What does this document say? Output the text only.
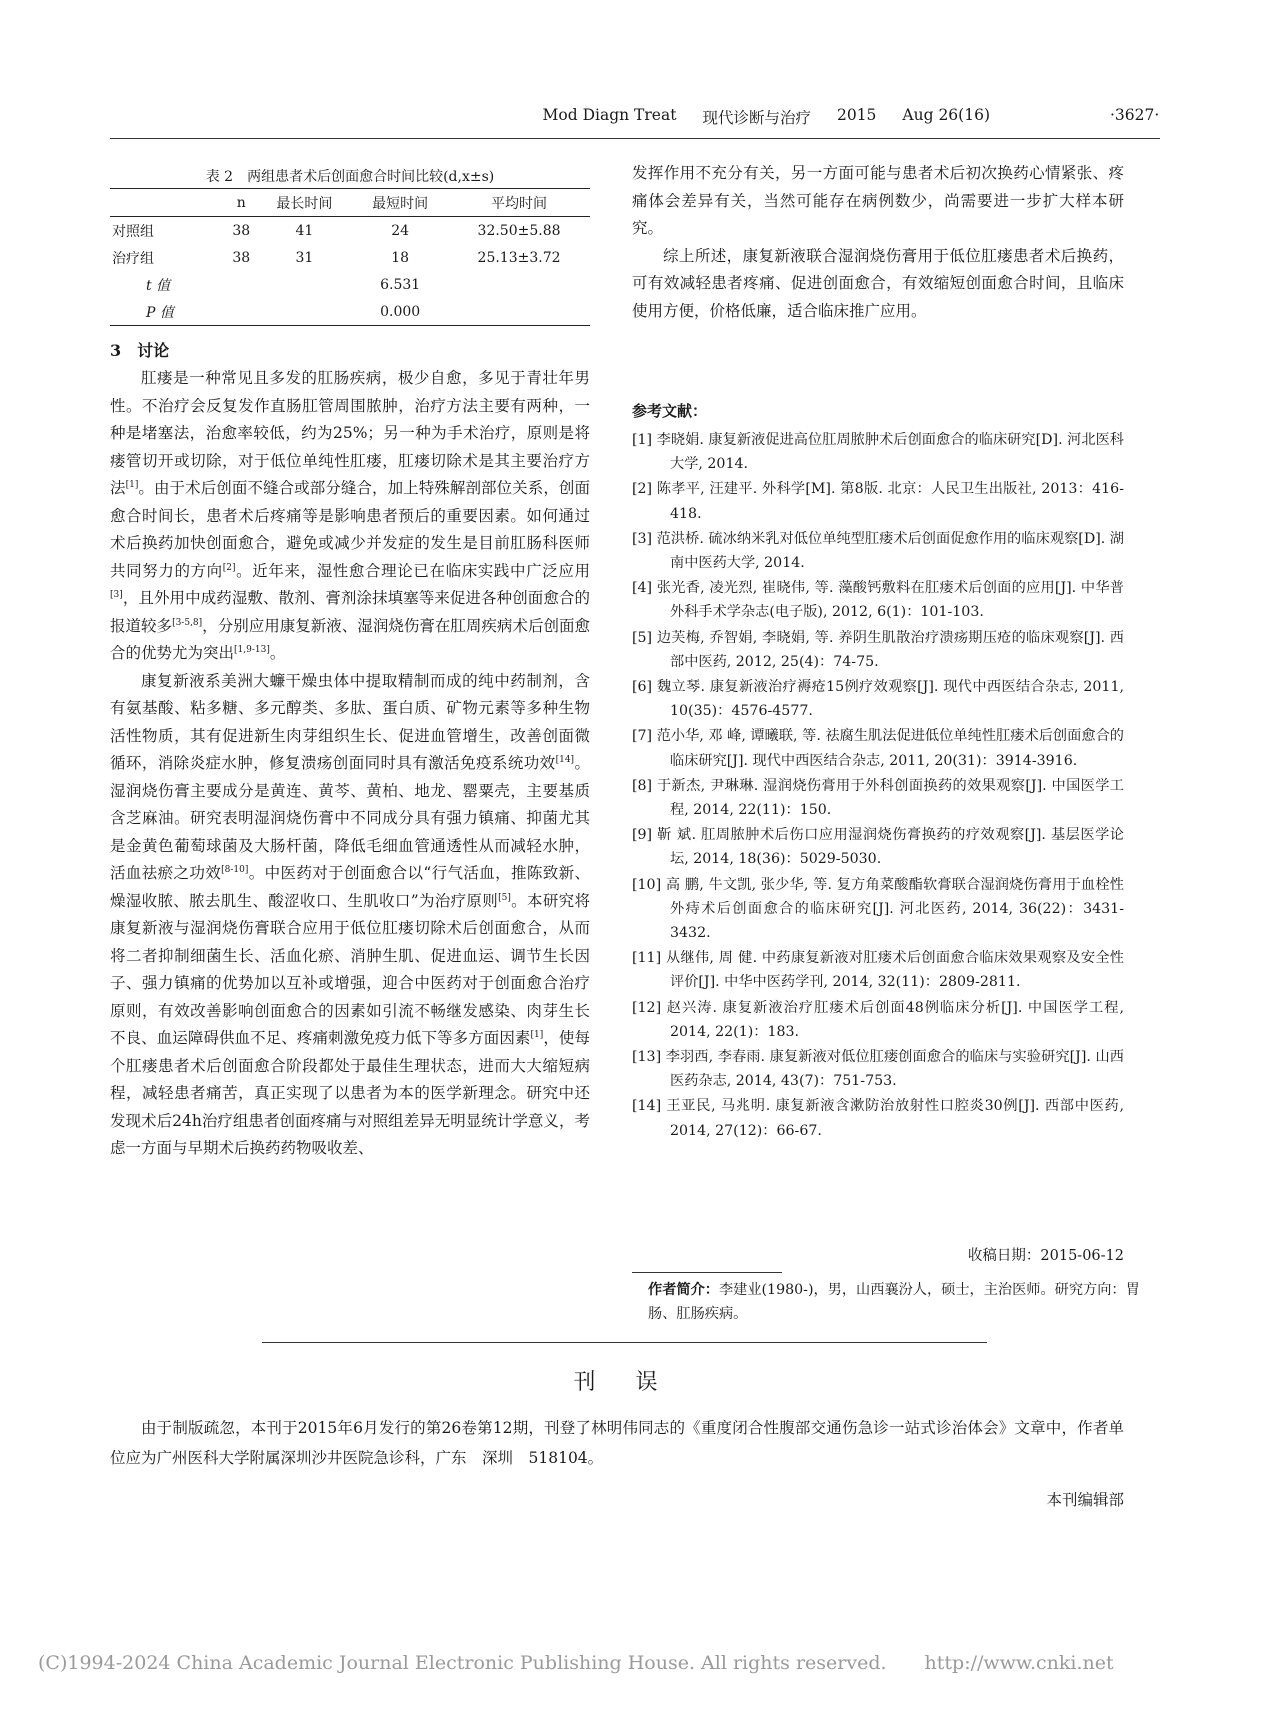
Mod Diagn Treat 现代诊断与治疗 2015 Aug 26(16)	·3627·
表 2　两组患者术后创面愈合时间比较(d,x±s)
	n	最长时间	最短时间	平均时间
对照组	38	41	24	32.50±5.88
治疗组	38	31	18	25.13±3.72
t 值			6.531	
P 值			0.000	
3　讨论

肛瘘是一种常见且多发的肛肠疾病，极少自愈，多见于青壮年男性。不治疗会反复发作直肠肛管周围脓肿，治疗方法主要有两种，一种是堵塞法，治愈率较低，约为25%；另一种为手术治疗，原则是将瘘管切开或切除，对于低位单纯性肛瘘，肛瘘切除术是其主要治疗方法[1]。由于术后创面不缝合或部分缝合，加上特殊解剖部位关系，创面愈合时间长，患者术后疼痛等是影响患者预后的重要因素。如何通过术后换药加快创面愈合，避免或减少并发症的发生是目前肛肠科医师共同努力的方向[2]。近年来，湿性愈合理论已在临床实践中广泛应用[3]，且外用中成药湿敷、散剂、膏剂涂抹填塞等来促进各种创面愈合的报道较多[3-5,8]，分别应用康复新液、湿润烧伤膏在肛周疾病术后创面愈合的优势尤为突出[1,9-13]。

康复新液系美洲大蠊干燥虫体中提取精制而成的纯中药制剂，含有氨基酸、粘多糖、多元醇类、多肽、蛋白质、矿物元素等多种生物活性物质，其有促进新生肉芽组织生长、促进血管增生，改善创面微循环，消除炎症水肿，修复溃疡创面同时具有激活免疫系统功效[14]。湿润烧伤膏主要成分是黄连、黄芩、黄柏、地龙、罂粟壳，主要基质含芝麻油。研究表明湿润烧伤膏中不同成分具有强力镇痛、抑菌尤其是金黄色葡萄球菌及大肠杆菌，降低毛细血管通透性从而减轻水肿，活血祛瘀之功效[8-10]。中医药对于创面愈合以“行气活血，推陈致新、燥湿收脓、脓去肌生、酸涩收口、生肌收口”为治疗原则[5]。本研究将康复新液与湿润烧伤膏联合应用于低位肛瘘切除术后创面愈合，从而将二者抑制细菌生长、活血化瘀、消肿生肌、促进血运、调节生长因子、强力镇痛的优势加以互补或增强，迎合中医药对于创面愈合治疗原则，有效改善影响创面愈合的因素如引流不畅继发感染、肉芽生长不良、血运障碍供血不足、疼痛刺激免疫力低下等多方面因素[1]，使每个肛瘘患者术后创面愈合阶段都处于最佳生理状态，进而大大缩短病程，减轻患者痛苦，真正实现了以患者为本的医学新理念。研究中还发现术后24h治疗组患者创面疼痛与对照组差异无明显统计学意义，考虑一方面与早期术后换药药物吸收差、

发挥作用不充分有关，另一方面可能与患者术后初次换药心情紧张、疼痛体会差异有关，当然可能存在病例数少，尚需要进一步扩大样本研究。

综上所述，康复新液联合湿润烧伤膏用于低位肛瘘患者术后换药，可有效减轻患者疼痛、促进创面愈合，有效缩短创面愈合时间，且临床使用方便，价格低廉，适合临床推广应用。

参考文献：
[1] 李晓娟. 康复新液促进高位肛周脓肿术后创面愈合的临床研究[D]. 河北医科大学, 2014.
[2] 陈孝平, 汪建平. 外科学[M]. 第8版. 北京：人民卫生出版社, 2013：416-418.
[3] 范洪桥. 硫冰纳米乳对低位单纯型肛瘘术后创面促愈作用的临床观察[D]. 湖南中医药大学, 2014.
[4] 张光香, 凌光烈, 崔晓伟, 等. 藻酸钙敷料在肛瘘术后创面的应用[J]. 中华普外科手术学杂志(电子版), 2012, 6(1)：101-103.
[5] 边芙梅, 乔智娟, 李晓娟, 等. 养阴生肌散治疗溃疡期压疮的临床观察[J]. 西部中医药, 2012, 25(4)：74-75.
[6] 魏立琴. 康复新液治疗褥疮15例疗效观察[J]. 现代中西医结合杂志, 2011, 10(35)：4576-4577.
[7] 范小华, 邓 峰, 谭曦联, 等. 祛腐生肌法促进低位单纯性肛瘘术后创面愈合的临床研究[J]. 现代中西医结合杂志, 2011, 20(31)：3914-3916.
[8] 于新杰, 尹琳琳. 湿润烧伤膏用于外科创面换药的效果观察[J]. 中国医学工程, 2014, 22(11)：150.
[9] 靳 斌. 肛周脓肿术后伤口应用湿润烧伤膏换药的疗效观察[J]. 基层医学论坛, 2014, 18(36)：5029-5030.
[10] 高 鹏, 牛文凯, 张少华, 等. 复方角菜酸酯软膏联合湿润烧伤膏用于血栓性外痔术后创面愈合的临床研究[J]. 河北医药, 2014, 36(22)：3431-3432.
[11] 从继伟, 周 健. 中药康复新液对肛瘘术后创面愈合临床效果观察及安全性评价[J]. 中华中医药学刊, 2014, 32(11)：2809-2811.
[12] 赵兴涛. 康复新液治疗肛瘘术后创面48例临床分析[J]. 中国医学工程, 2014, 22(1)：183.
[13] 李羽西, 李春雨. 康复新液对低位肛瘘创面愈合的临床与实验研究[J]. 山西医药杂志, 2014, 43(7)：751-753.
[14] 王亚民, 马兆明. 康复新液含漱防治放射性口腔炎30例[J]. 西部中医药, 2014, 27(12)：66-67.
收稿日期：2015-06-12
作者简介：李建业(1980-)，男，山西襄汾人，硕士，主治医师。研究方向：胃肠、肛肠疾病。
刊误
由于制版疏忽，本刊于2015年6月发行的第26卷第12期，刊登了林明伟同志的《重度闭合性腹部交通伤急诊一站式诊治体会》文章中，作者单位应为广州医科大学附属深圳沙井医院急诊科，广东　深圳　518104。
本刊编辑部
(C)1994-2024 China Academic Journal Electronic Publishing House. All rights reserved.　　http://www.cnki.net
